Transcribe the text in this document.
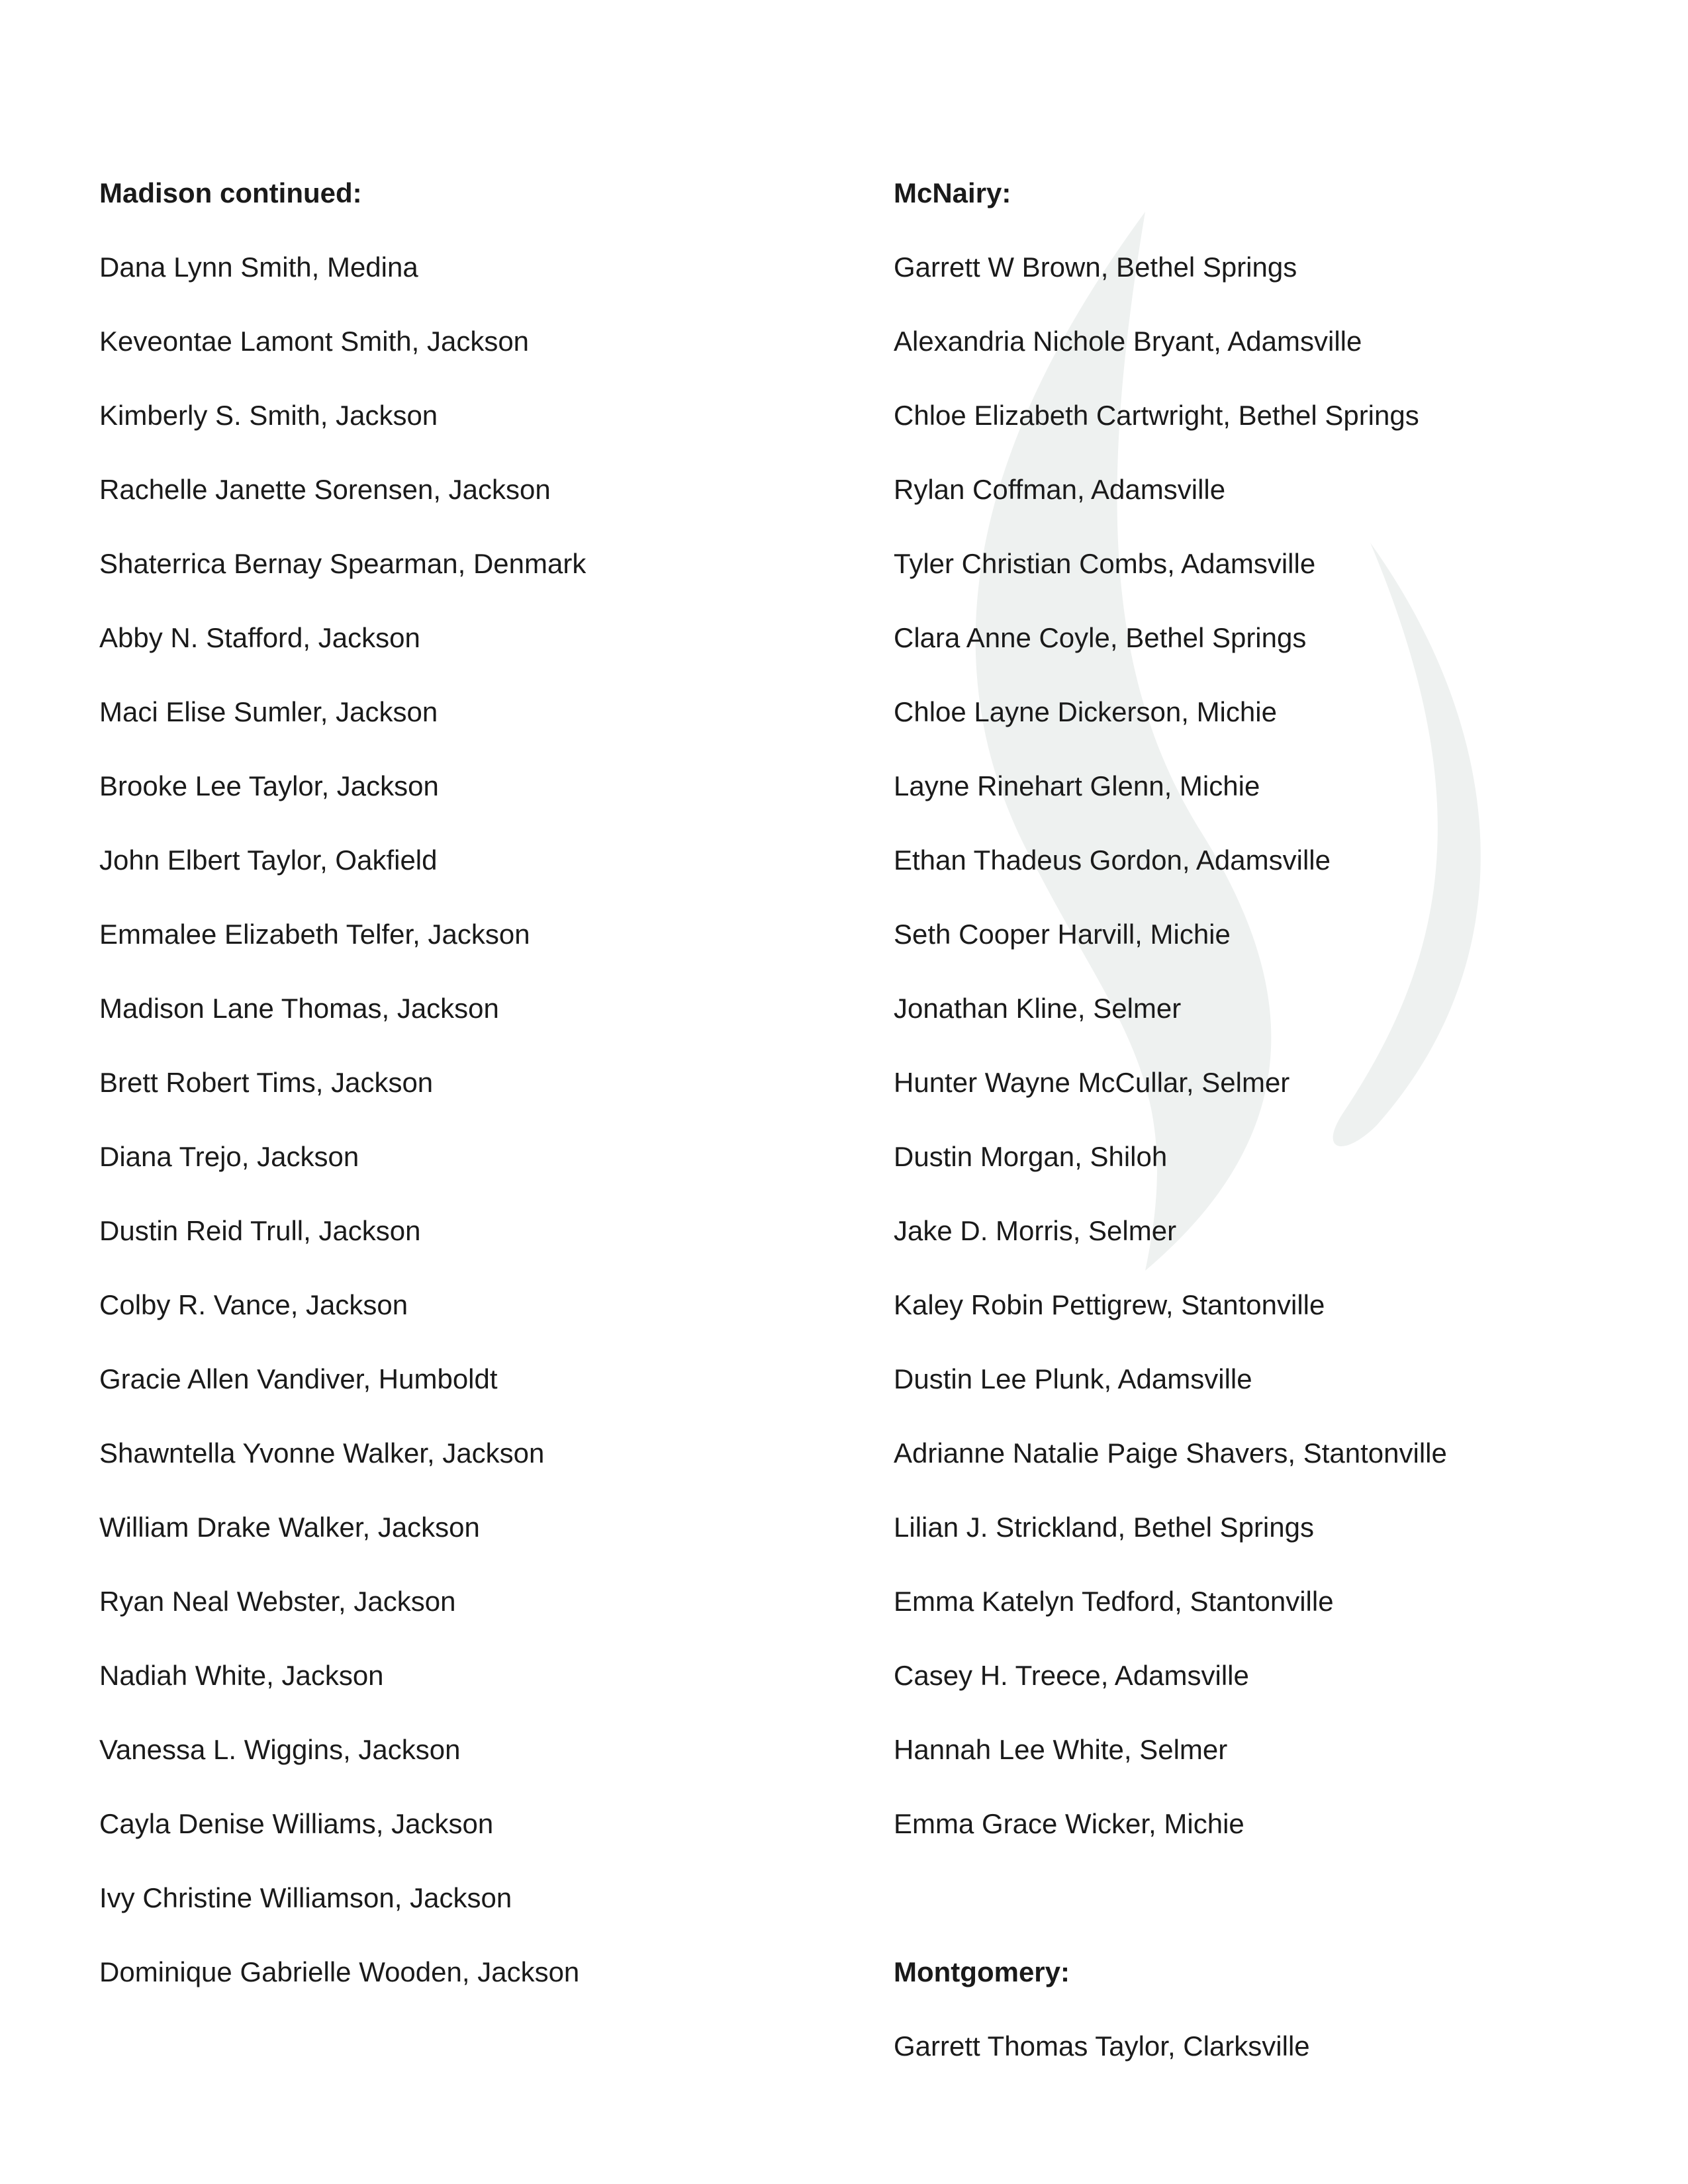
Madison continued:
Dana Lynn Smith, Medina
Keveontae Lamont Smith, Jackson
Kimberly S. Smith, Jackson
Rachelle Janette Sorensen, Jackson
Shaterrica Bernay Spearman, Denmark
Abby N. Stafford, Jackson
Maci Elise Sumler, Jackson
Brooke Lee Taylor, Jackson
John Elbert Taylor, Oakfield
Emmalee Elizabeth Telfer, Jackson
Madison Lane Thomas, Jackson
Brett Robert Tims, Jackson
Diana Trejo, Jackson
Dustin Reid Trull, Jackson
Colby R. Vance, Jackson
Gracie Allen Vandiver, Humboldt
Shawntella Yvonne Walker, Jackson
William Drake Walker, Jackson
Ryan Neal Webster, Jackson
Nadiah White, Jackson
Vanessa L. Wiggins, Jackson
Cayla Denise Williams, Jackson
Ivy Christine Williamson, Jackson
Dominique Gabrielle Wooden, Jackson
McNairy:
Garrett W Brown, Bethel Springs
Alexandria Nichole Bryant, Adamsville
Chloe Elizabeth Cartwright, Bethel Springs
Rylan Coffman, Adamsville
Tyler Christian Combs, Adamsville
Clara Anne Coyle, Bethel Springs
Chloe Layne Dickerson, Michie
Layne Rinehart Glenn, Michie
Ethan Thadeus Gordon, Adamsville
Seth Cooper Harvill, Michie
Jonathan Kline, Selmer
Hunter Wayne McCullar, Selmer
Dustin Morgan, Shiloh
Jake D. Morris, Selmer
Kaley Robin Pettigrew, Stantonville
Dustin Lee Plunk, Adamsville
Adrianne Natalie Paige Shavers, Stantonville
Lilian J. Strickland, Bethel Springs
Emma Katelyn Tedford, Stantonville
Casey H. Treece, Adamsville
Hannah Lee White, Selmer
Emma Grace Wicker, Michie
Montgomery:
Garrett Thomas Taylor, Clarksville
